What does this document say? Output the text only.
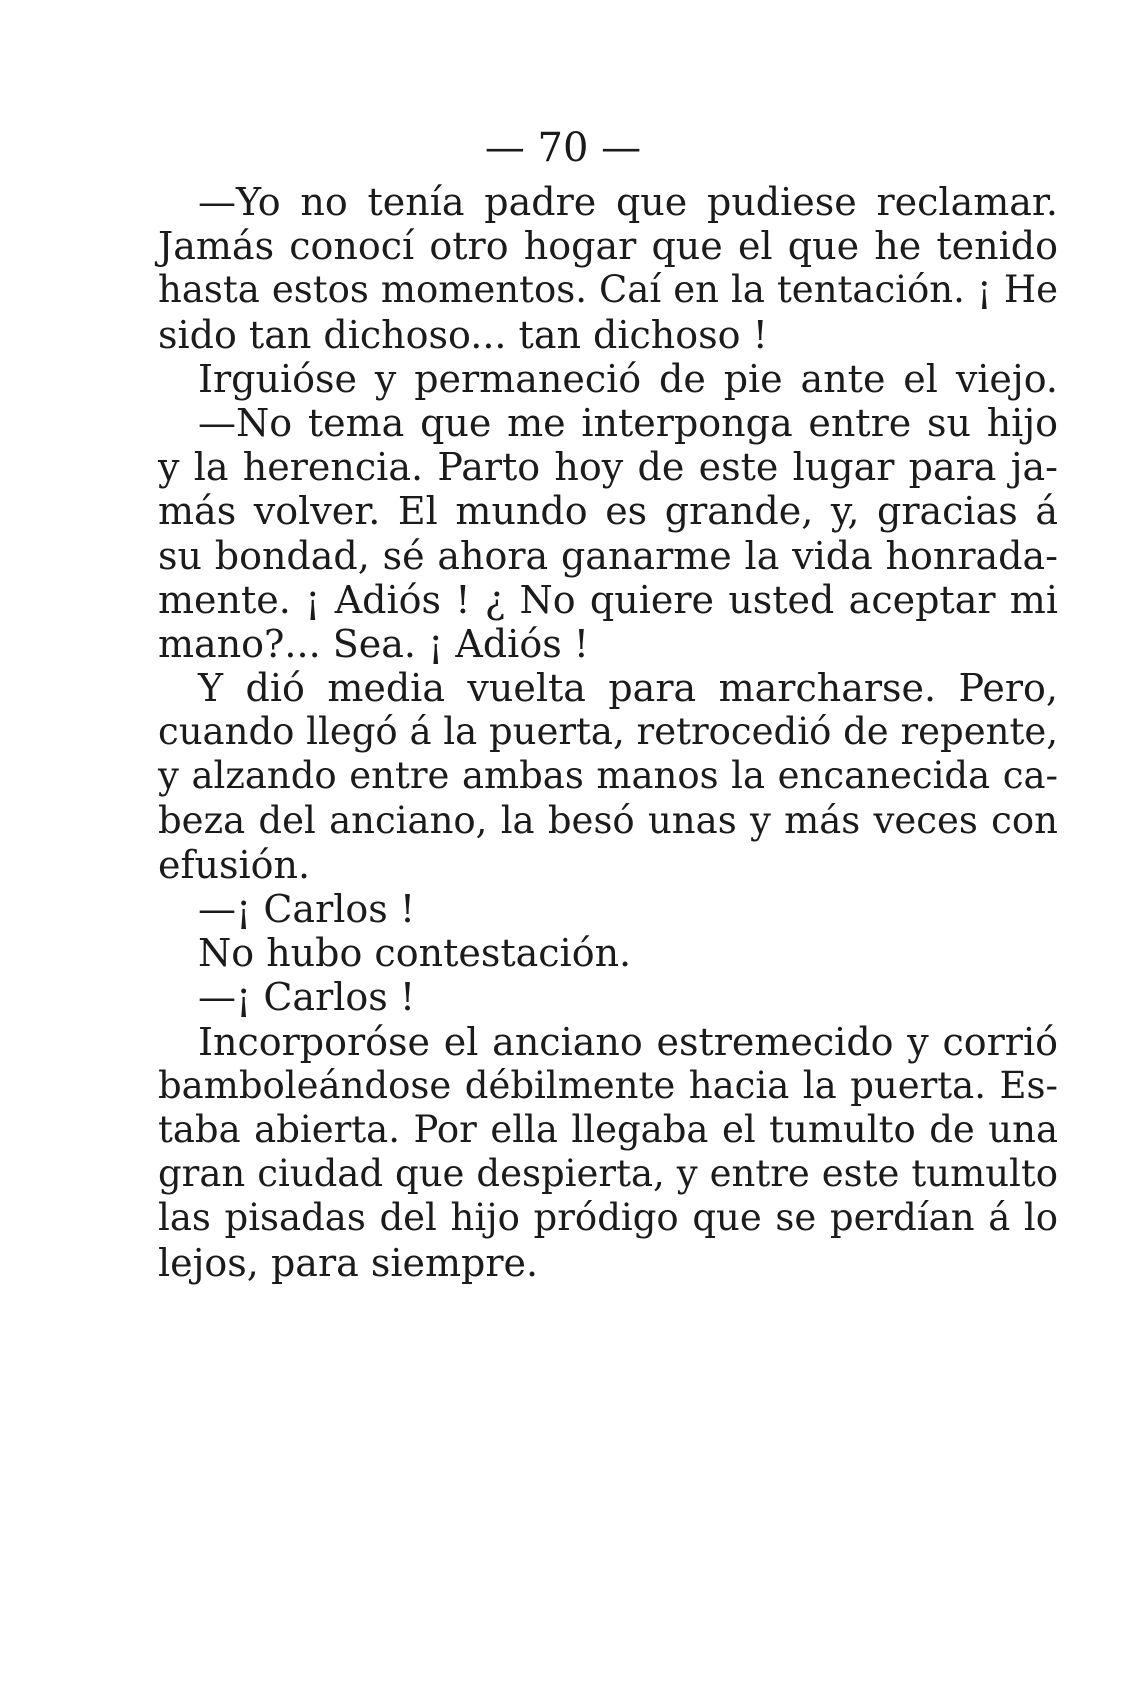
— 70 —
—Yo no tenía padre que pudiese reclamar.
Jamás conocí otro hogar que el que he tenido
hasta estos momentos. Caí en la tentación. ¡ He
sido tan dichoso... tan dichoso !
Irguióse y permaneció de pie ante el viejo.
—No tema que me interponga entre su hijo
y la herencia. Parto hoy de este lugar para ja-
más volver. El mundo es grande, y, gracias á
su bondad, sé ahora ganarme la vida honrada-
mente. ¡ Adiós ! ¿ No quiere usted aceptar mi
mano?... Sea. ¡ Adiós !
Y dió media vuelta para marcharse. Pero,
cuando llegó á la puerta, retrocedió de repente,
y alzando entre ambas manos la encanecida ca-
beza del anciano, la besó unas y más veces con
efusión.
—¡ Carlos !
No hubo contestación.
—¡ Carlos !
Incorporóse el anciano estremecido y corrió
bamboleándose débilmente hacia la puerta. Es-
taba abierta. Por ella llegaba el tumulto de una
gran ciudad que despierta, y entre este tumulto
las pisadas del hijo pródigo que se perdían á lo
lejos, para siempre.
